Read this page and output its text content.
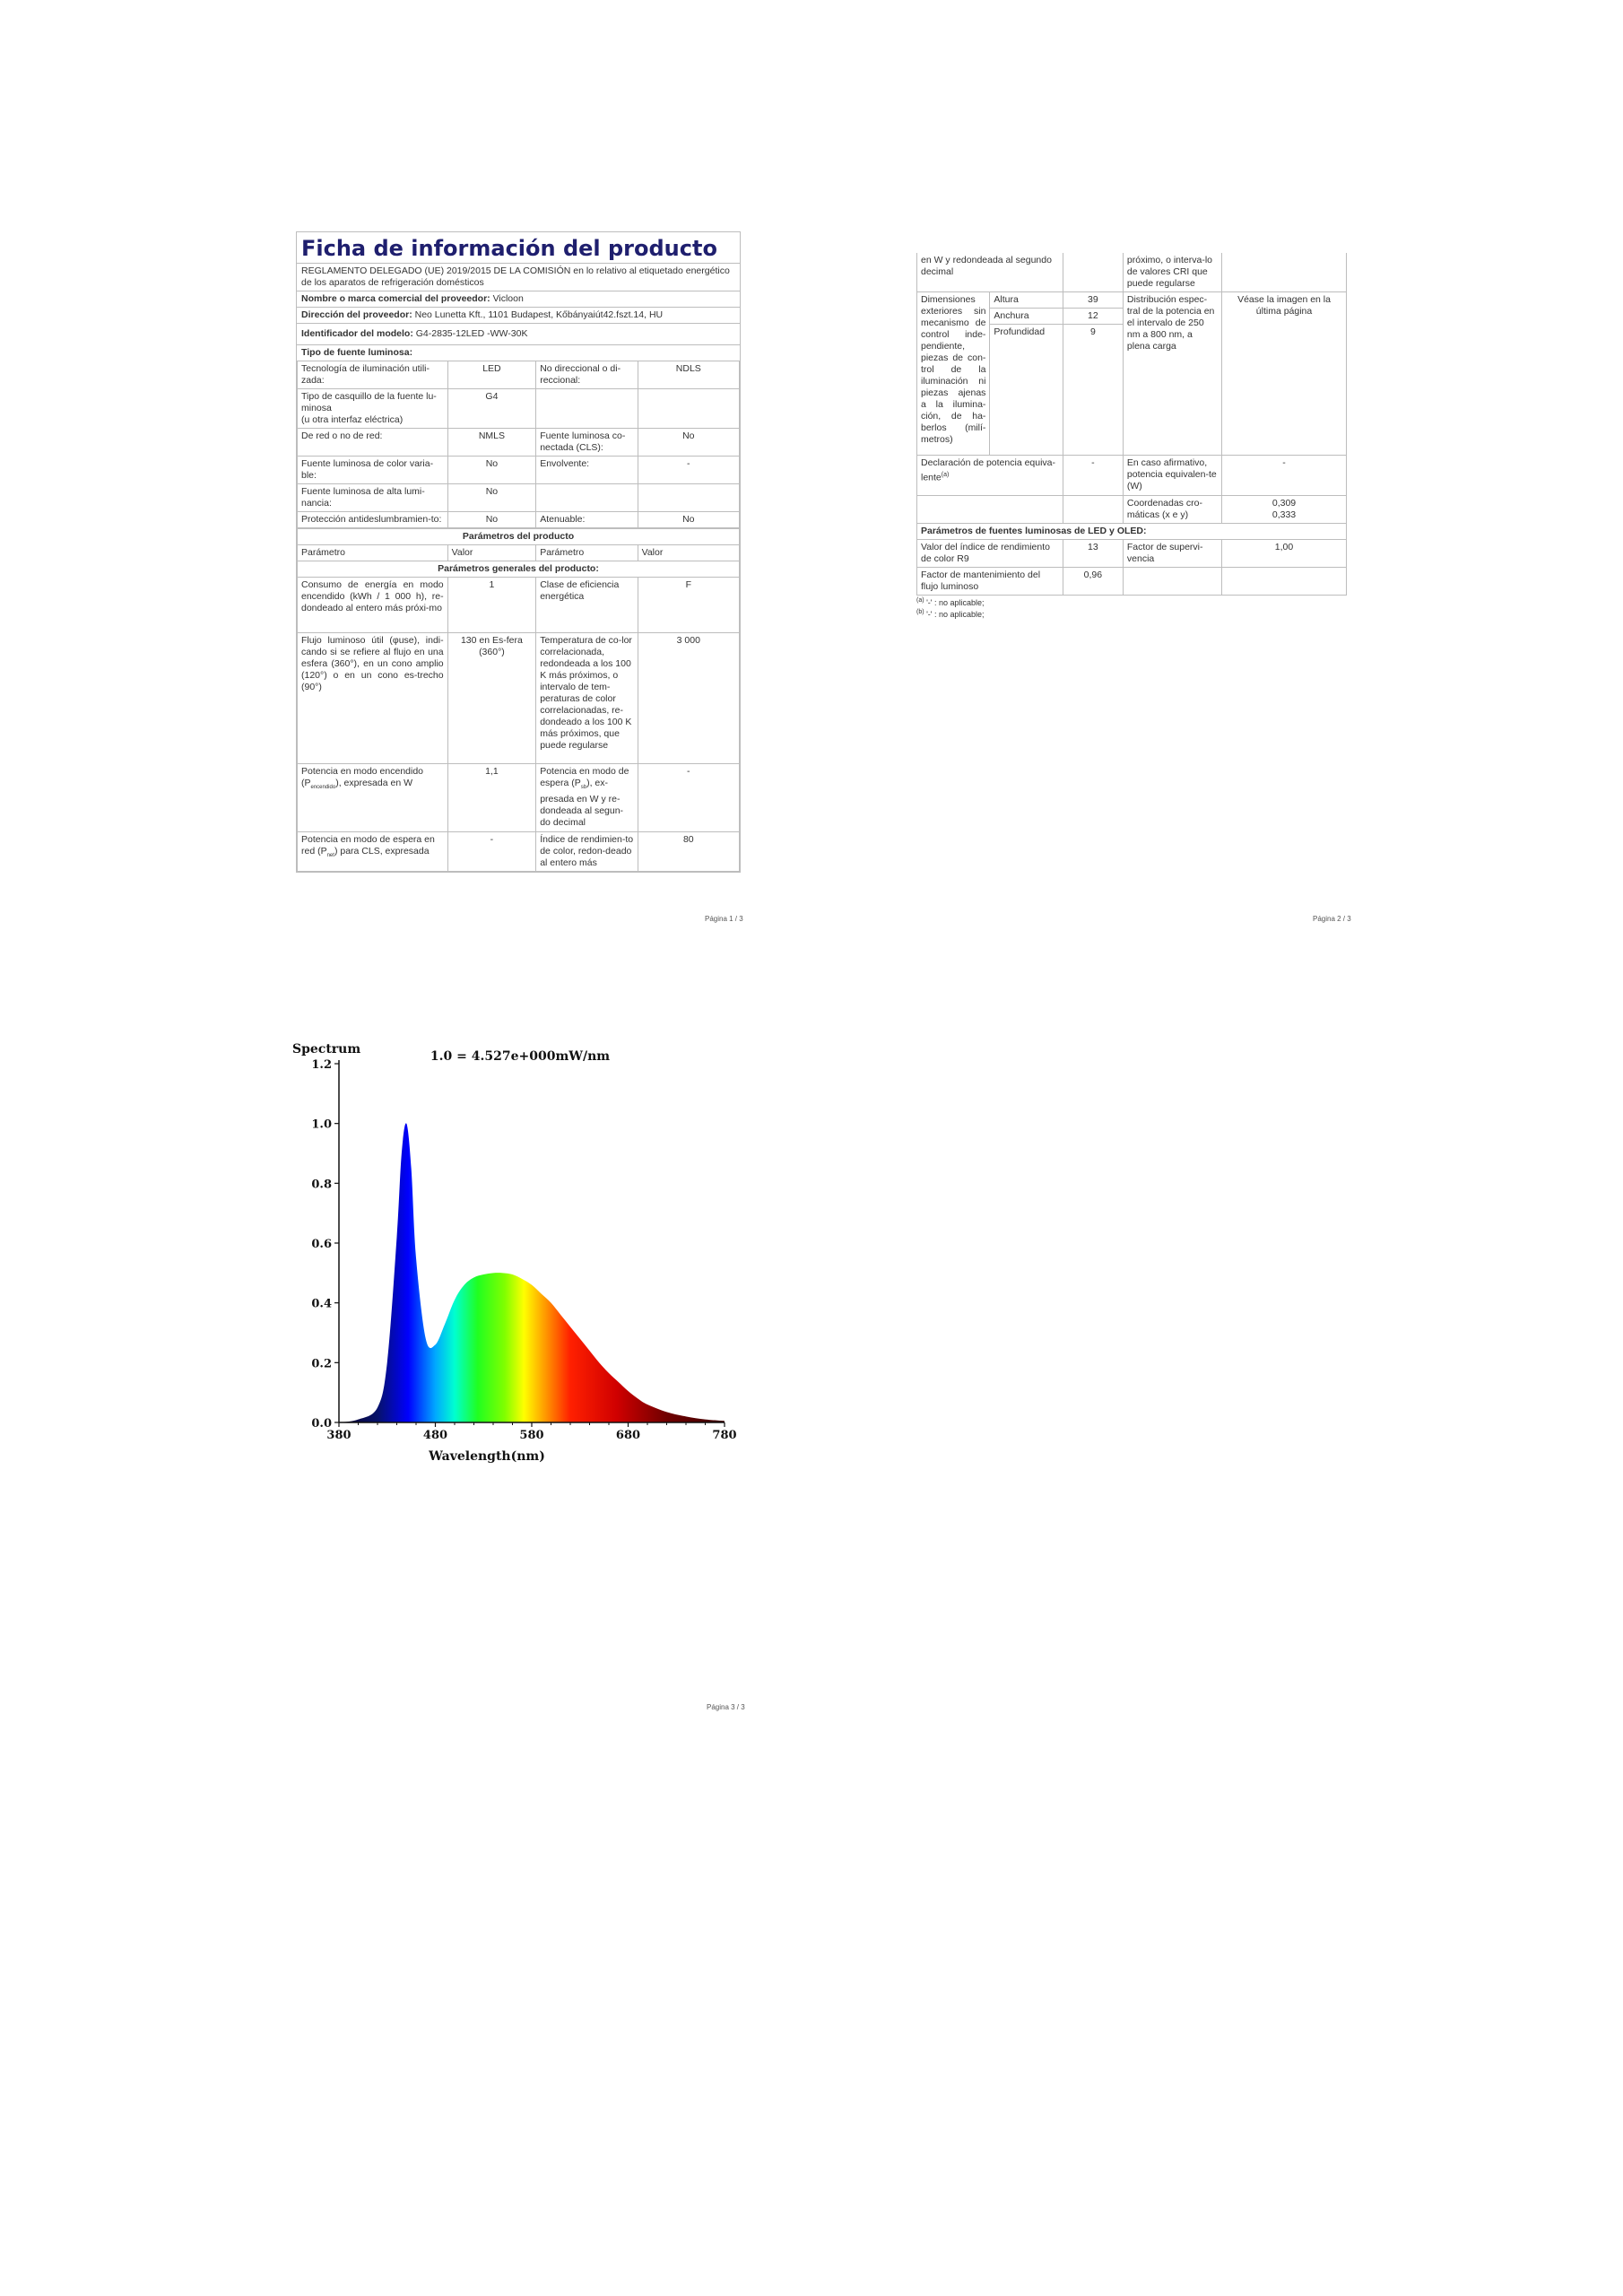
Ficha de información del producto
REGLAMENTO DELEGADO (UE) 2019/2015 DE LA COMISIÓN en lo relativo al etiquetado energético de los aparatos de refrigeración domésticos
Nombre o marca comercial del proveedor: Vicloon
Dirección del proveedor: Neo Lunetta Kft., 1101 Budapest, Kőbányaiút42.fszt.14, HU
Identificador del modelo: G4-2835-12LED -WW-30K
Tipo de fuente luminosa:
Tecnología de iluminación utili-zada:	LED	No direccional o di-reccional:	NDLS
Tipo de casquillo de la fuente lu-minosa
(u otra interfaz eléctrica)	G4		
De red o no de red:	NMLS	Fuente luminosa co-nectada (CLS):	No
Fuente luminosa de color varia-ble:	No	Envolvente:	-
Fuente luminosa de alta lumi-nancia:	No		
Protección antideslumbramien-to:	No	Atenuable:	No
Parámetros del producto			
Parámetro	Valor	Parámetro	Valor
Parámetros generales del producto:			
Consumo de energía en modo encendido (kWh / 1 000 h), re-dondeado al entero más próxi-mo	1	Clase de eficiencia energética	F
Flujo luminoso útil (φuse), indi-cando si se refiere al flujo en una esfera (360°), en un cono amplio (120°) o en un cono es-trecho (90°)	130 en Es-fera (360°)	Temperatura de co-lor correlacionada, redondeada a los 100 K más próximos, o intervalo de tem-peraturas de color correlacionadas, re-dondeado a los 100 K más próximos, que puede regularse	3 000
Potencia en modo encendido $(P_{encendido})$, expresada en W	1,1	Potencia en modo de espera $(P_{sb})$, ex-presada en W y re-dondeada al segun-do decimal	-
Potencia en modo de espera en red $(P_{net})$ para CLS, expresada	-	Índice de rendimien-to de color, redon-deado al entero más	80
Página 1 / 3
en W y redondeada al segundo decimal			próximo, o interva-lo de valores CRI que puede regularse	
Dimensiones exteriores sin mecanismo de control inde-pendiente, piezas de con-trol de la iluminación ni piezas ajenas a la ilumina-ción, de ha-berlos (milí-metros)	Altura	39	Distribución espec-tral de la potencia en el intervalo de 250 nm a 800 nm, a plena carga	Véase la imagen en la última página
	Anchura	12		
	Profundidad	9		

Declaración de potencia equiva-lente$^{(a)}$		-	En caso afirmativo, potencia equivalen-te (W)	-
			Coordenadas cro-máticas (x e y)	0,309
0,333
Parámetros de fuentes luminosas de LED y OLED:				
Valor del índice de rendimiento de color R9		13	Factor de supervi-vencia	1,00
Factor de mantenimiento del flujo luminoso		0,96		
$^{(a)}$ '-' : no aplicable;
$^{(b)}$ '-' : no aplicable;
Página 2 / 3
0.0
0.2
0.4
0.6
0.8
1.0
1.2
380	480	580	680	780
Spectrum	1.0 = 4.527e+000mW/nm
Wavelength(nm)
Página 3 / 3
